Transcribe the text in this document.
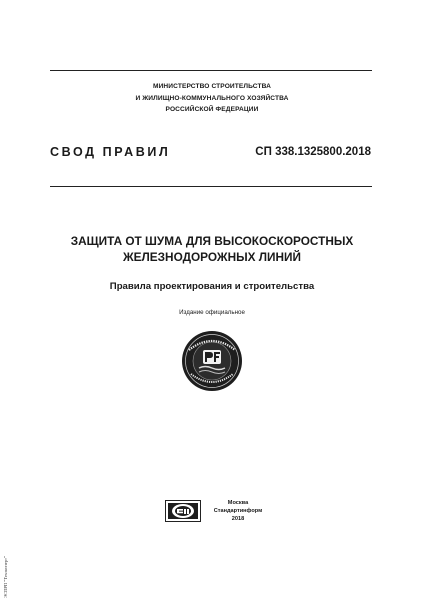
МИНИСТЕРСТВО СТРОИТЕЛЬСТВА
И ЖИЛИЩНО-КОММУНАЛЬНОГО ХОЗЯЙСТВА
РОССИЙСКОЙ ФЕДЕРАЦИИ
СВОД ПРАВИЛ	СП 338.1325800.2018
ЗАЩИТА ОТ ШУМА ДЛЯ ВЫСОКОСКОРОСТНЫХ
ЖЕЛЕЗНОДОРОЖНЫХ ЛИНИЙ
Правила проектирования и строительства
Издание официальное
Москва
Стандартинформ
2018
ЭСПРП "Техэксперт"
